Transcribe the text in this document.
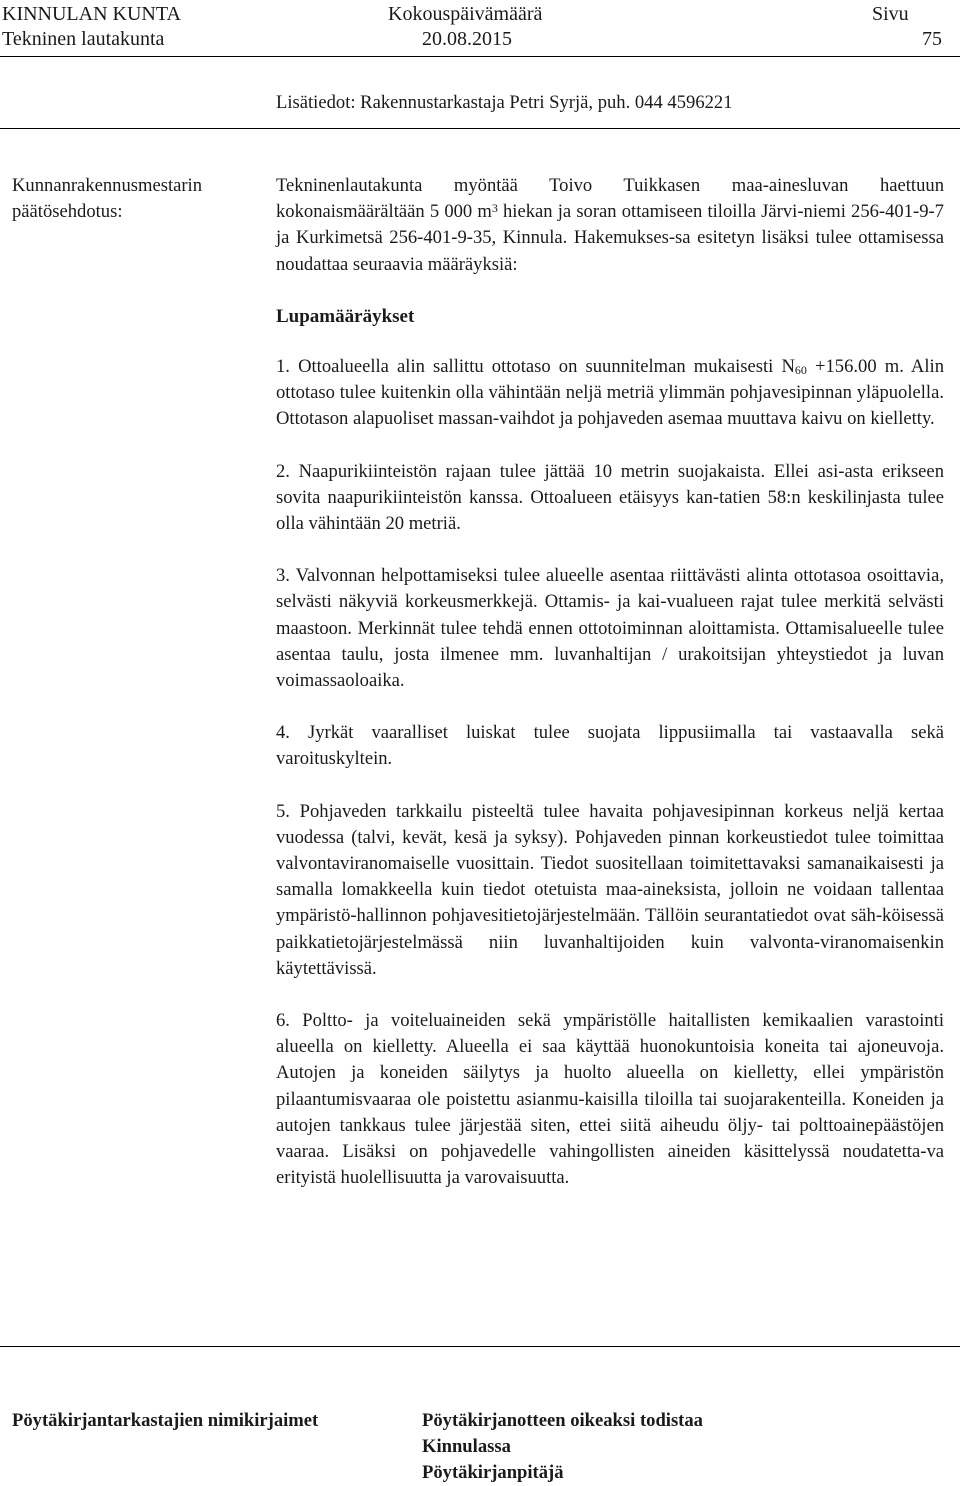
KINNULAN KUNTA
Tekninen lautakunta
Kokouspäivämäärä
20.08.2015
Sivu
75
Lisätiedot: Rakennustarkastaja Petri Syrjä, puh. 044 4596221
Kunnanrakennusmestarin
päätösehdotus:

Tekninenlautakunta myöntää Toivo Tuikkasen maa-ainesluvan haettuun kokonaismäärältään 5 000 $m^3$ hiekan ja soran ottamiseen tiloilla Järvi-niemi 256-401-9-7 ja Kurkimetsä 256-401-9-35, Kinnula. Hakemukses-sa esitetyn lisäksi tulee ottamisessa noudattaa seuraavia määräyksiä:

Lupamääräykset

1. Ottoalueella alin sallittu ottotaso on suunnitelman mukaisesti N60 +156.00 m. Alin ottotaso tulee kuitenkin olla vähintään neljä metriä ylimmän pohjavesipinnan yläpuolella. Ottotason alapuoliset massan-vaihdot ja pohjaveden asemaa muuttava kaivu on kielletty.

2. Naapurikiinteistön rajaan tulee jättää 10 metrin suojakaista. Ellei asi-asta erikseen sovita naapurikiinteistön kanssa. Ottoalueen etäisyys kan-tatien 58:n keskilinjasta tulee olla vähintään 20 metriä.

3. Valvonnan helpottamiseksi tulee alueelle asentaa riittävästi alinta ottotasoa osoittavia, selvästi näkyviä korkeusmerkkejä. Ottamis- ja kai-vualueen rajat tulee merkitä selvästi maastoon. Merkinnät tulee tehdä ennen ottotoiminnan aloittamista. Ottamisalueelle tulee asentaa taulu, josta ilmenee mm. luvanhaltijan / urakoitsijan yhteystiedot ja luvan voimassaoloaika.

4. Jyrkät vaaralliset luiskat tulee suojata lippusiimalla tai vastaavalla sekä varoituskyltein.

5. Pohjaveden tarkkailu pisteeltä tulee havaita pohjavesipinnan korkeus neljä kertaa vuodessa (talvi, kevät, kesä ja syksy). Pohjaveden pinnan korkeustiedot tulee toimittaa valvontaviranomaiselle vuosittain. Tiedot suositellaan toimitettavaksi samanaikaisesti ja samalla lomakkeella kuin tiedot otetuista maa-aineksista, jolloin ne voidaan tallentaa ympäristö-hallinnon pohjavesitietojärjestelmään. Tällöin seurantatiedot ovat säh-köisessä paikkatietojärjestelmässä niin luvanhaltijoiden kuin valvonta-viranomaisenkin käytettävissä.

6. Poltto- ja voiteluaineiden sekä ympäristölle haitallisten kemikaalien varastointi alueella on kielletty. Alueella ei saa käyttää huonokuntoisia koneita tai ajoneuvoja. Autojen ja koneiden säilytys ja huolto alueella on kielletty, ellei ympäristön pilaantumisvaaraa ole poistettu asianmu-kaisilla tiloilla tai suojarakenteilla. Koneiden ja autojen tankkaus tulee järjestää siten, ettei siitä aiheudu öljy- tai polttoainepäästöjen vaaraa. Lisäksi on pohjavedelle vahingollisten aineiden käsittelyssä noudatetta-va erityistä huolellisuutta ja varovaisuutta.

Pöytäkirjantarkastajien nimikirjaimet	Pöytäkirjanotteen oikeaksi todistaa
Kinnulassa
Pöytäkirjanpitäjä
